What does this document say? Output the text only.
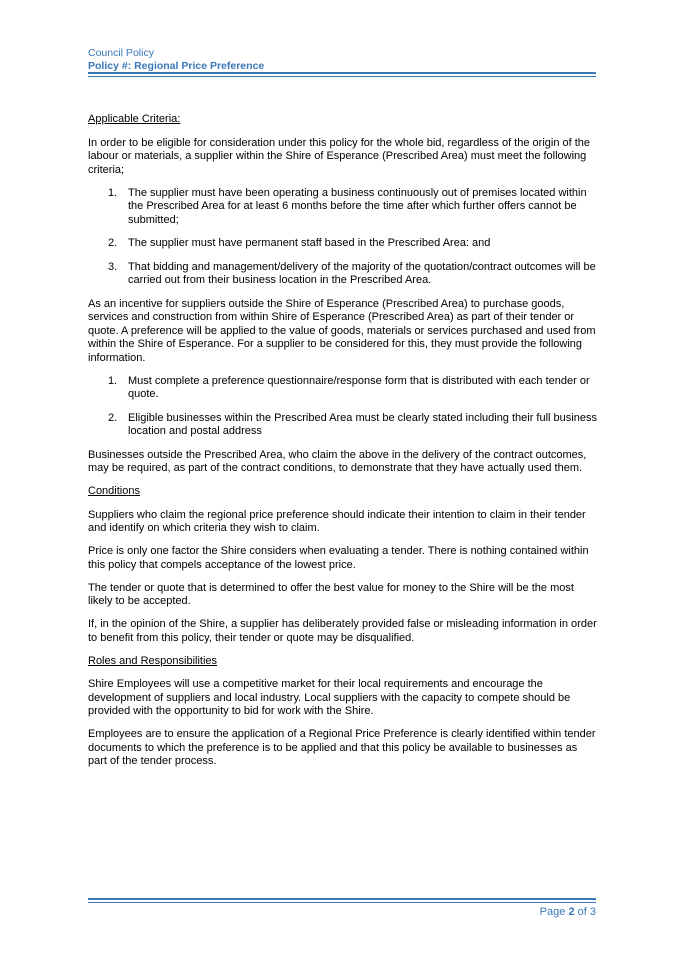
Council Policy
Policy #: Regional Price Preference

Applicable Criteria:

In order to be eligible for consideration under this policy for the whole bid, regardless of the origin of the labour or materials, a supplier within the Shire of Esperance (Prescribed Area) must meet the following criteria;

1. The supplier must have been operating a business continuously out of premises located within the Prescribed Area for at least 6 months before the time after which further offers cannot be submitted;
2. The supplier must have permanent staff based in the Prescribed Area: and
3. That bidding and management/delivery of the majority of the quotation/contract outcomes will be carried out from their business location in the Prescribed Area.

As an incentive for suppliers outside the Shire of Esperance (Prescribed Area) to purchase goods, services and construction from within Shire of Esperance (Prescribed Area) as part of their tender or quote. A preference will be applied to the value of goods, materials or services purchased and used from within the Shire of Esperance. For a supplier to be considered for this, they must provide the following information.

1. Must complete a preference questionnaire/response form that is distributed with each tender or quote.
2. Eligible businesses within the Prescribed Area must be clearly stated including their full business location and postal address

Businesses outside the Prescribed Area, who claim the above in the delivery of the contract outcomes, may be required, as part of the contract conditions, to demonstrate that they have actually used them.

Conditions

Suppliers who claim the regional price preference should indicate their intention to claim in their tender and identify on which criteria they wish to claim.

Price is only one factor the Shire considers when evaluating a tender. There is nothing contained within this policy that compels acceptance of the lowest price.

The tender or quote that is determined to offer the best value for money to the Shire will be the most likely to be accepted.

If, in the opinion of the Shire, a supplier has deliberately provided false or misleading information in order to benefit from this policy, their tender or quote may be disqualified.

Roles and Responsibilities

Shire Employees will use a competitive market for their local requirements and encourage the development of suppliers and local industry. Local suppliers with the capacity to compete should be provided with the opportunity to bid for work with the Shire.

Employees are to ensure the application of a Regional Price Preference is clearly identified within tender documents to which the preference is to be applied and that this policy be available to businesses as part of the tender process.

Page 2 of 3
